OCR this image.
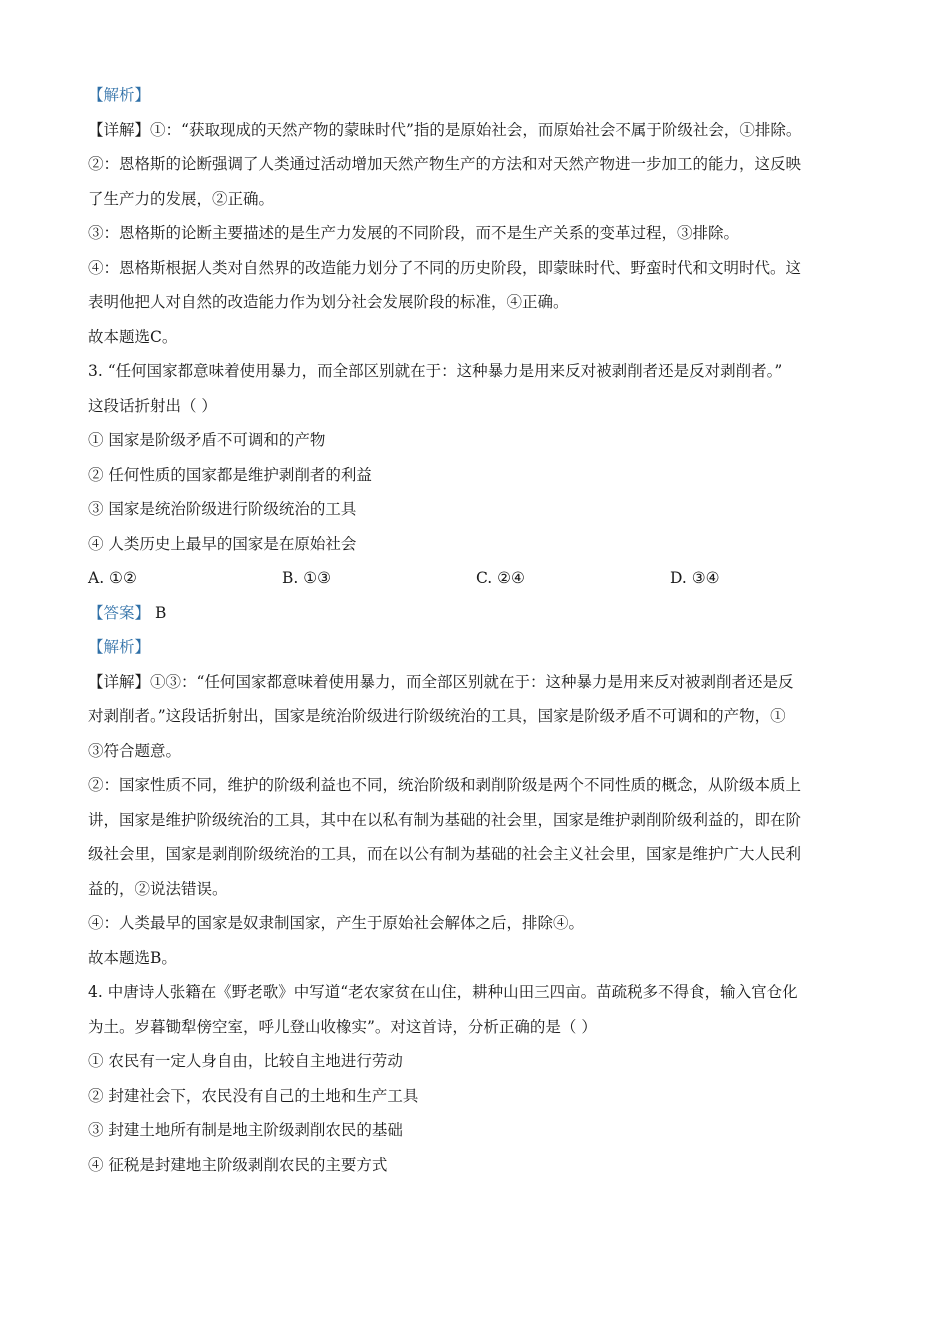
【解析】
【详解】①：“获取现成的天然产物的蒙昧时代”指的是原始社会，而原始社会不属于阶级社会，①排除。
②：恩格斯的论断强调了人类通过活动增加天然产物生产的方法和对天然产物进一步加工的能力，这反映
了生产力的发展，②正确。
③：恩格斯的论断主要描述的是生产力发展的不同阶段，而不是生产关系的变革过程，③排除。
④：恩格斯根据人类对自然界的改造能力划分了不同的历史阶段，即蒙昧时代、野蛮时代和文明时代。这
表明他把人对自然的改造能力作为划分社会发展阶段的标准，④正确。
故本题选C。
3. “任何国家都意味着使用暴力，而全部区别就在于：这种暴力是用来反对被剥削者还是反对剥削者。”
这段话折射出（ ）
① 国家是阶级矛盾不可调和的产物
② 任何性质的国家都是维护剥削者的利益
③ 国家是统治阶级进行阶级统治的工具
④ 人类历史上最早的国家是在原始社会
A. ①②	B. ①③	C. ②④	D. ③④
【答案】 B
【解析】
【详解】①③：“任何国家都意味着使用暴力，而全部区别就在于：这种暴力是用来反对被剥削者还是反
对剥削者。”这段话折射出，国家是统治阶级进行阶级统治的工具，国家是阶级矛盾不可调和的产物，①
③符合题意。
②：国家性质不同，维护的阶级利益也不同，统治阶级和剥削阶级是两个不同性质的概念，从阶级本质上
讲，国家是维护阶级统治的工具，其中在以私有制为基础的社会里，国家是维护剥削阶级利益的，即在阶
级社会里，国家是剥削阶级统治的工具，而在以公有制为基础的社会主义社会里，国家是维护广大人民利
益的，②说法错误。
④：人类最早的国家是奴隶制国家，产生于原始社会解体之后，排除④。
故本题选B。
4. 中唐诗人张籍在《野老歌》中写道“老农家贫在山住，耕种山田三四亩。苗疏税多不得食，输入官仓化
为土。岁暮锄犁傍空室，呼儿登山收橡实”。对这首诗，分析正确的是（ ）
① 农民有一定人身自由，比较自主地进行劳动
② 封建社会下，农民没有自己的土地和生产工具
③ 封建土地所有制是地主阶级剥削农民的基础
④ 征税是封建地主阶级剥削农民的主要方式
